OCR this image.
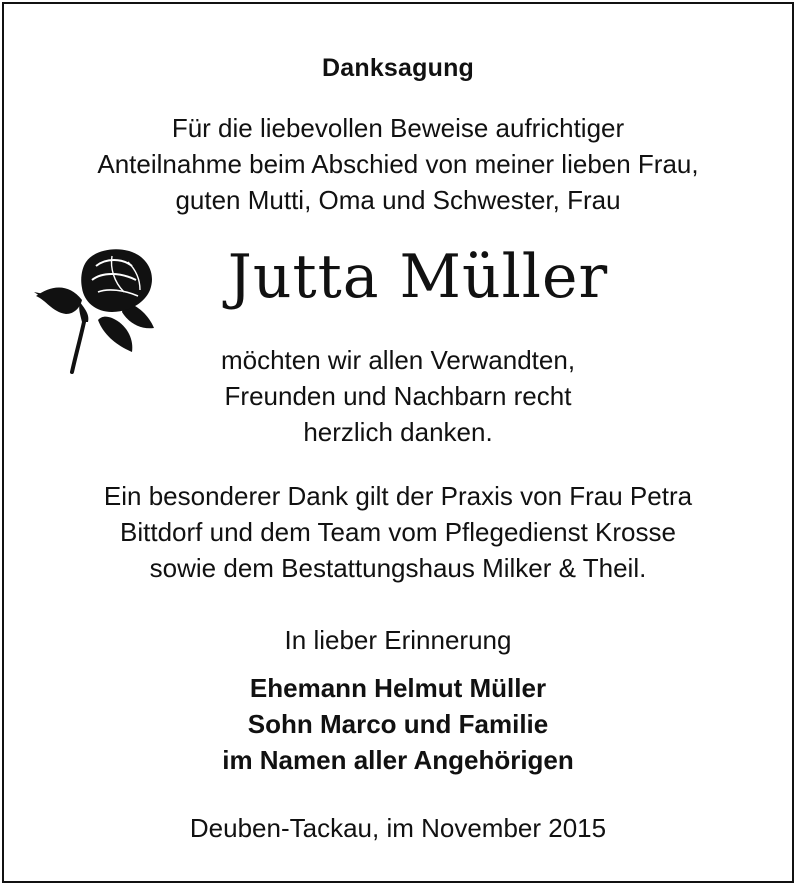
Danksagung
Für die liebevollen Beweise aufrichtiger
Anteilnahme beim Abschied von meiner lieben Frau,
guten Mutti, Oma und Schwester, Frau
Jutta Müller
möchten wir allen Verwandten,
Freunden und Nachbarn recht
herzlich danken.
Ein besonderer Dank gilt der Praxis von Frau Petra
Bittdorf und dem Team vom Pflegedienst Krosse
sowie dem Bestattungshaus Milker & Theil.
In lieber Erinnerung
Ehemann Helmut Müller
Sohn Marco und Familie
im Namen aller Angehörigen
Deuben-Tackau, im November 2015
